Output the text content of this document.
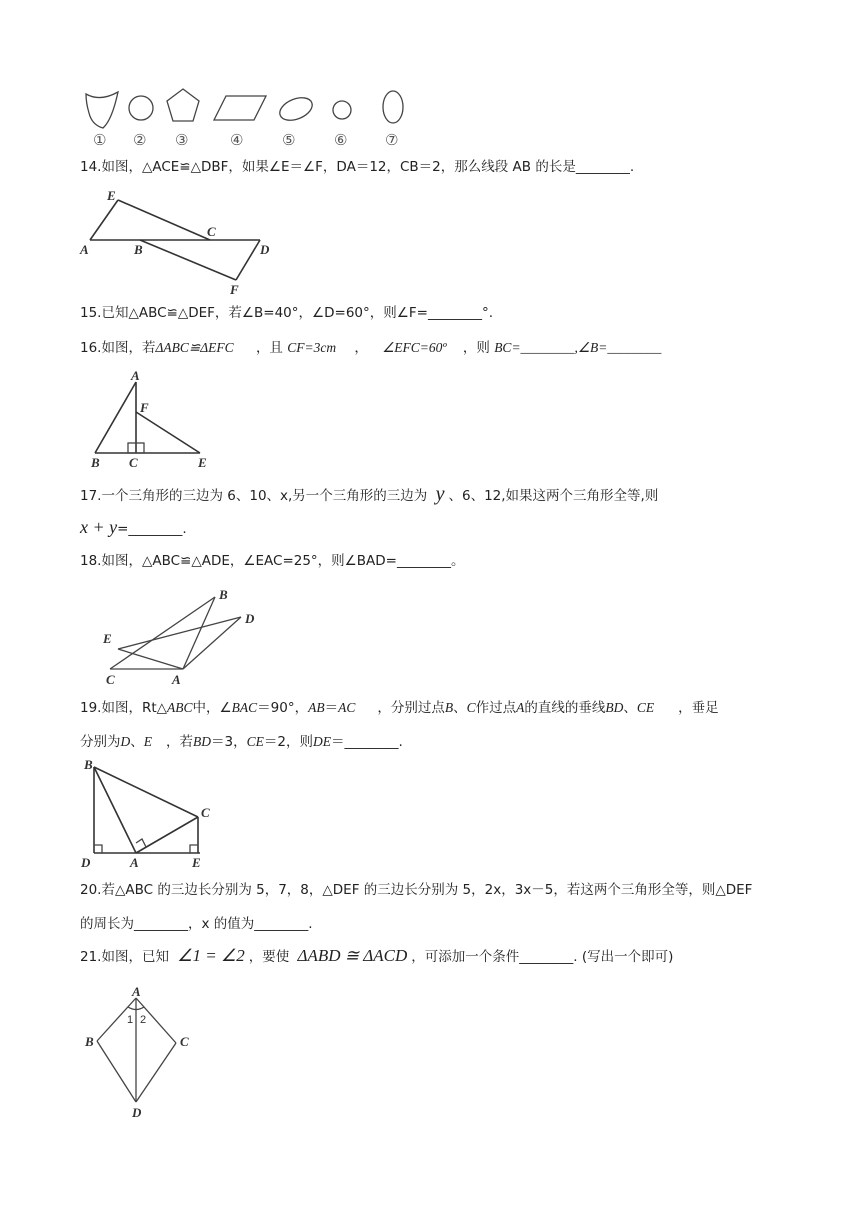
① ② ③	④	⑤	⑥	⑦
14.如图，△ACE≌△DBF，如果∠E＝∠F，DA＝12，CB＝2，那么线段 AB 的长是________.
E
A	B
C
D
F
15.已知△ABC≌△DEF，若∠B=40°，∠D=60°，则∠F=________°.
16.如图，若ΔABC≌ΔEFC ，且 CF=3cm ， ∠EFC=60º ，则 BC=________,∠B=________
A
F
B C	E
17.一个三角形的三边为 6、10、x,另一个三角形的三边为 y 、6、12,如果这两个三角形全等,则
x + y=________.
18.如图，△ABC≌△ADE，∠EAC=25°，则∠BAD=________。
B
D
E
C	A
19.如图，Rt△ABC中，∠BAC＝90°，AB＝AC ，分别过点B、C作过点A的直线的垂线BD、CE ，垂足
分别为D、E ，若BD＝3，CE＝2，则DE＝________.
B
C
D	A	E
20.若△ABC 的三边长分别为 5，7，8，△DEF 的三边长分别为 5，2x，3x－5，若这两个三角形全等，则△DEF
的周长为________，x 的值为________.
21.如图，已知 ∠1 = ∠2 ，要使 ΔABD ≅ ΔACD ，可添加一个条件________. (写出一个即可)
A
B	C
D
1 2
